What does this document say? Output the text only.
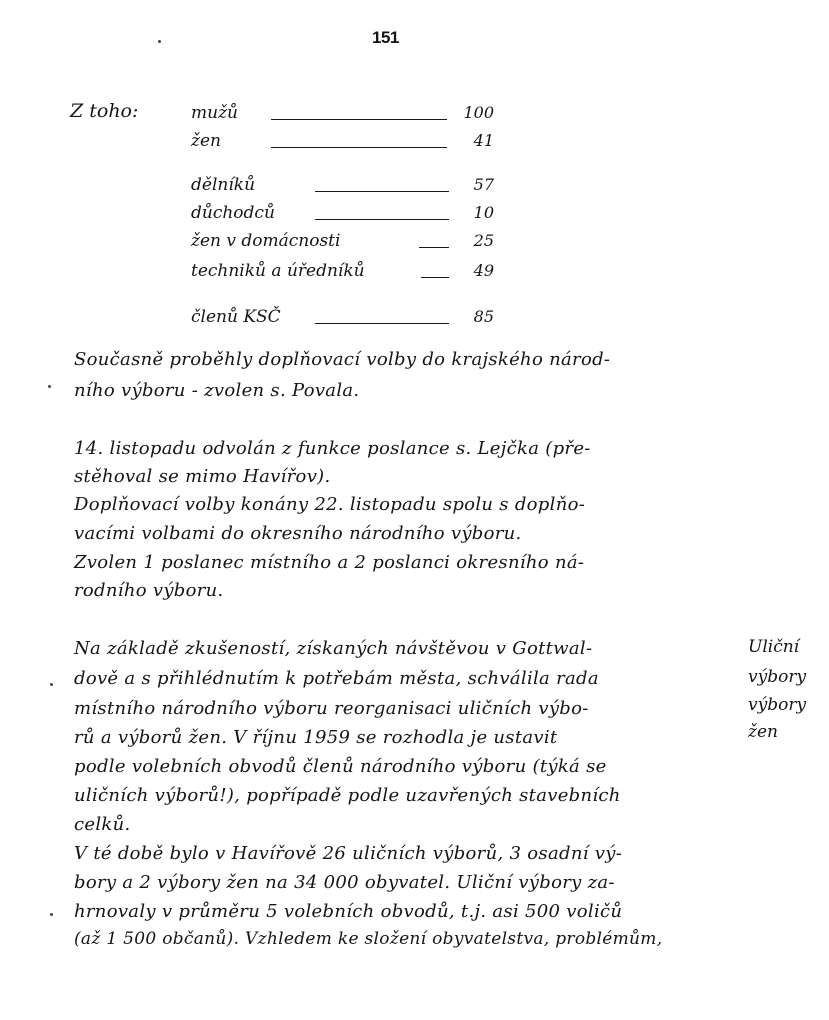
151
Z toho:	mužů	100
žen	41
dělníků	57
důchodců	10
žen v domácnosti	25
techniků a úředníků	49
členů KSČ	85
Současně proběhly doplňovací volby do krajského národ-
ního výboru - zvolen s. Povala.
14. listopadu odvolán z funkce poslance s. Lejčka (pře-
stěhoval se mimo Havířov).
Doplňovací volby konány 22. listopadu spolu s doplňo-
vacími volbami do okresního národního výboru.
Zvolen 1 poslanec místního a 2 poslanci okresního ná-
rodního výboru.
Na základě zkušeností, získaných návštěvou v Gottwal-
dově a s přihlédnutím k potřebám města, schválila rada
místního národního výboru reorganisaci uličních výbo-
rů a výborů žen. V říjnu 1959 se rozhodla je ustavit
podle volebních obvodů členů národního výboru (týká se
uličních výborů!), popřípadě podle uzavřených stavebních
celků.
V té době bylo v Havířově 26 uličních výborů, 3 osadní vý-
bory a 2 výbory žen na 34 000 obyvatel. Uliční výbory za-
hrnovaly v průměru 5 volebních obvodů, t.j. asi 500 voličů
(až 1 500 občanů). Vzhledem ke složení obyvatelstva, problémům,
Uliční
výbory
výbory
žen
